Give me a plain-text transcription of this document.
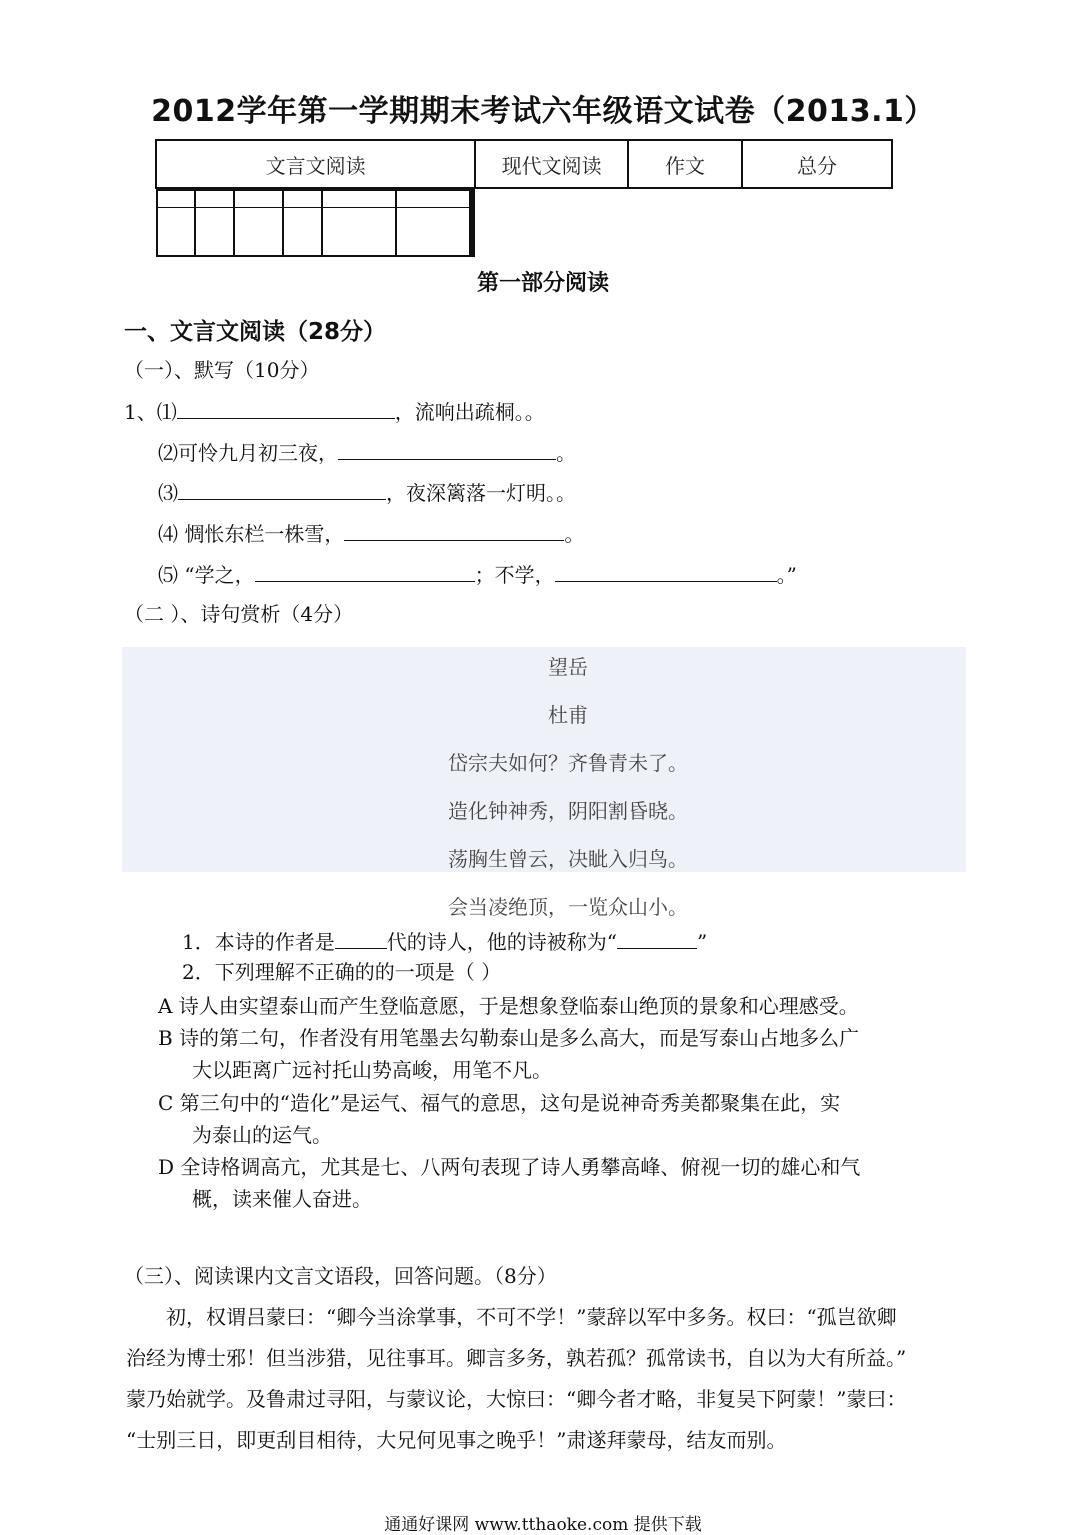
2012学年第一学期期末考试六年级语文试卷（2013.1）
文言文阅读	现代文阅读	作文	总分

第一部分阅读
一、文言文阅读（28分）
（一）、默写（10分）
1、⑴	，流响出疏桐。。
⑵可怜九月初三夜，	。
⑶	，夜深篱落一灯明。。
⑷ 惆怅东栏一株雪，	。
⑸ “学之，	；不学，	。”
（二 ）、诗句赏析（4分）
望岳
杜甫
岱宗夫如何？齐鲁青未了。
造化钟神秀，阴阳割昏晓。
荡胸生曾云，决眦入归鸟。
会当凌绝顶，一览众山小。
1．本诗的作者是	代的诗人，他的诗被称为“	”
2．下列理解不正确的的一项是（ ）
A 诗人由实望泰山而产生登临意愿，于是想象登临泰山绝顶的景象和心理感受。
B 诗的第二句，作者没有用笔墨去勾勒泰山是多么高大，而是写泰山占地多么广
大以距离广远衬托山势高峻，用笔不凡。
C 第三句中的“造化”是运气、福气的意思，这句是说神奇秀美都聚集在此，实
为泰山的运气。
D 全诗格调高亢，尤其是七、八两句表现了诗人勇攀高峰、俯视一切的雄心和气
概，读来催人奋进。
（三）、阅读课内文言文语段，回答问题。（8分）
初，权谓吕蒙曰：“卿今当涂掌事，不可不学！”蒙辞以军中多务。权曰：“孤岂欲卿
治经为博士邪！但当涉猎，见往事耳。卿言多务，孰若孤？孤常读书，自以为大有所益。”
蒙乃始就学。及鲁肃过寻阳，与蒙议论，大惊曰：“卿今者才略，非复吴下阿蒙！”蒙曰：
“士别三日，即更刮目相待，大兄何见事之晚乎！”肃遂拜蒙母，结友而别。
通通好课网 www.tthaoke.com 提供下载
